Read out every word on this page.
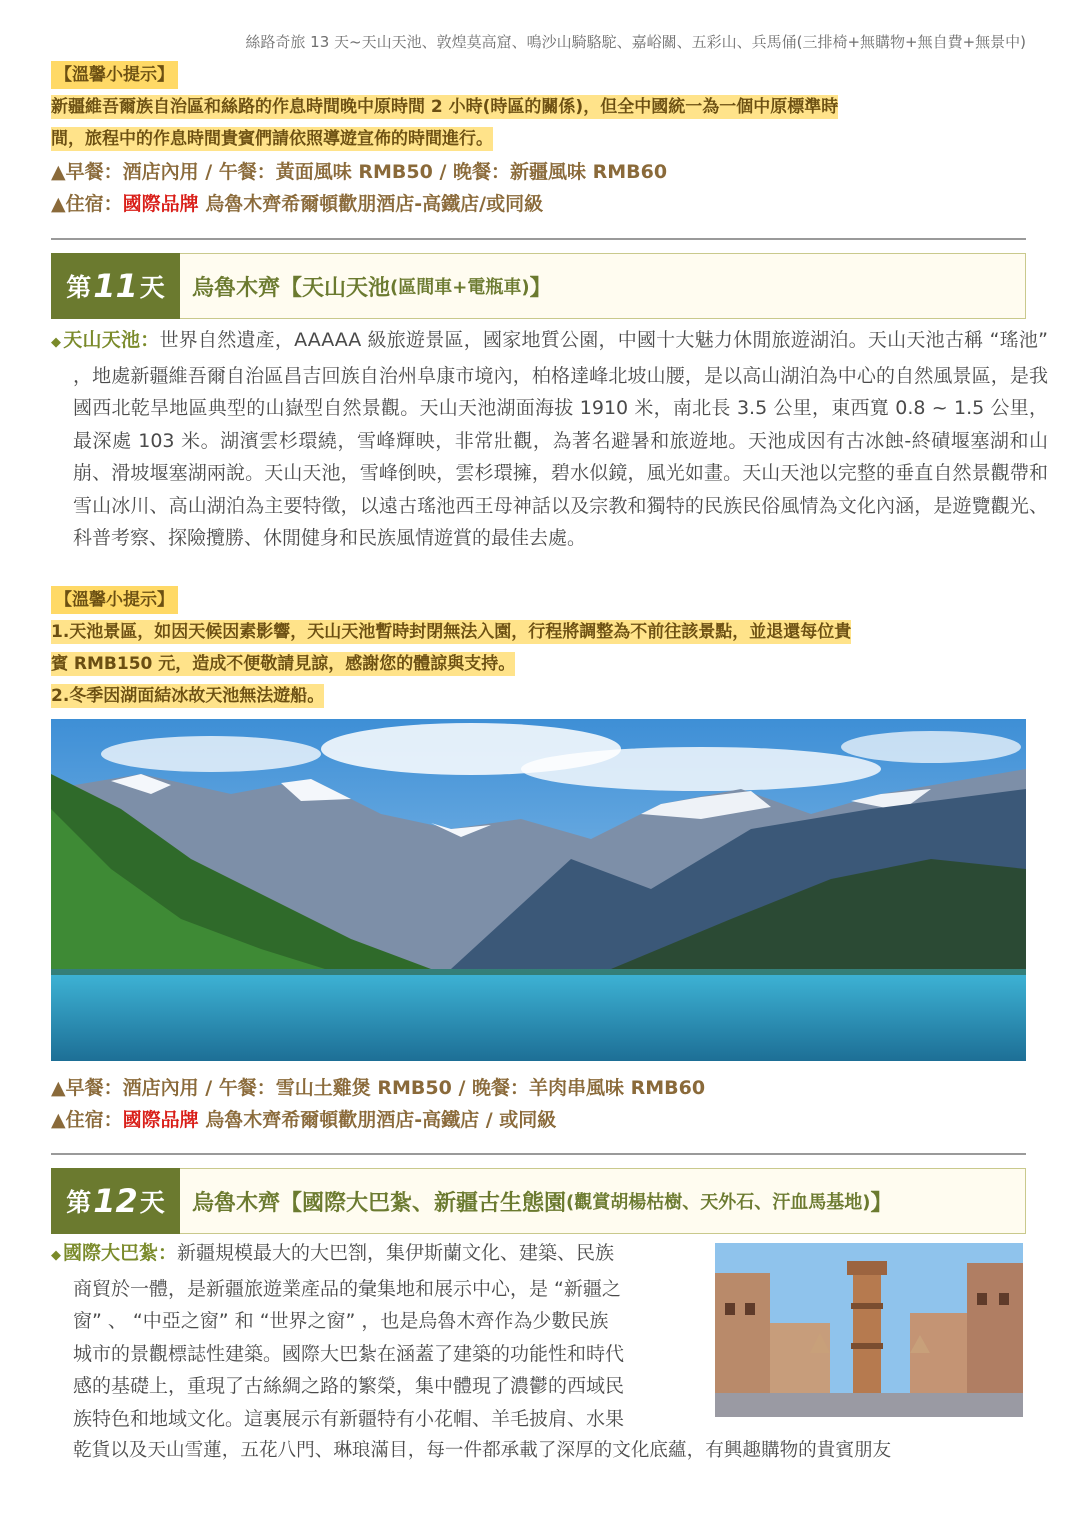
絲路奇旅 13 天~天山天池、敦煌莫高窟、鳴沙山騎駱駝、嘉峪關、五彩山、兵馬俑(三排椅+無購物+無自費+無景中)
【溫馨小提示】
新疆維吾爾族自治區和絲路的作息時間晚中原時間 2 小時(時區的關係)，但全中國統一為一個中原標準時
間，旅程中的作息時間貴賓們請依照導遊宣佈的時間進行。
▲早餐：酒店內用 / 午餐：黃面風味 RMB50 / 晚餐：新疆風味 RMB60
▲住宿：國際品牌 烏魯木齊希爾頓歡朋酒店-高鐵店/或同級
第 11 天 烏魯木齊【天山天池 (區間車+電瓶車) 】
◆ 天山天池：世界自然遺產，AAAAA 級旅遊景區，國家地質公園，中國十大魅力休閒旅遊湖泊。天山天池古稱 “瑤池” ，地處新疆維吾爾自治區昌吉回族自治州阜康市境內，柏格達峰北坡山腰，是以高山湖泊為中心的自然風景區，是我國西北乾旱地區典型的山嶽型自然景觀。天山天池湖面海拔 1910 米，南北長 3.5 公里，東西寬 0.8 ~ 1.5 公里，最深處 103 米。湖濱雲杉環繞，雪峰輝映，非常壯觀，為著名避暑和旅遊地。天池成因有古冰蝕-終磧堰塞湖和山崩、滑坡堰塞湖兩說。天山天池，雪峰倒映，雲杉環擁，碧水似鏡，風光如畫。天山天池以完整的垂直自然景觀帶和雪山冰川、高山湖泊為主要特徵，以遠古瑤池西王母神話以及宗教和獨特的民族民俗風情為文化內涵，是遊覽觀光、科普考察、探險攬勝、休閒健身和民族風情遊賞的最佳去處。
【溫馨小提示】
1.天池景區，如因天候因素影響，天山天池暫時封閉無法入園，行程將調整為不前往該景點，並退還每位貴
賓 RMB150 元，造成不便敬請見諒，感謝您的體諒與支持。
2.冬季因湖面結冰故天池無法遊船。
▲早餐：酒店內用 / 午餐：雪山土雞煲 RMB50 / 晚餐：羊肉串風味 RMB60
▲住宿：國際品牌 烏魯木齊希爾頓歡朋酒店-高鐵店 / 或同級
第 12 天 烏魯木齊【國際大巴紮、新疆古生態園 (觀賞胡楊枯樹、天外石、汗血馬基地) 】
◆ 國際大巴紮：新疆規模最大的大巴劄，集伊斯蘭文化、建築、民族
商貿於一體，是新疆旅遊業產品的彙集地和展示中心，是 “新疆之
窗” 、 “中亞之窗” 和 “世界之窗” ，也是烏魯木齊作為少數民族
城市的景觀標誌性建築。國際大巴紮在涵蓋了建築的功能性和時代
感的基礎上，重現了古絲綢之路的繁榮，集中體現了濃鬱的西域民
族特色和地域文化。這裏展示有新疆特有小花帽、羊毛披肩、水果
乾貨以及天山雪蓮，五花八門、琳琅滿目，每一件都承載了深厚的文化底蘊，有興趣購物的貴賓朋友
